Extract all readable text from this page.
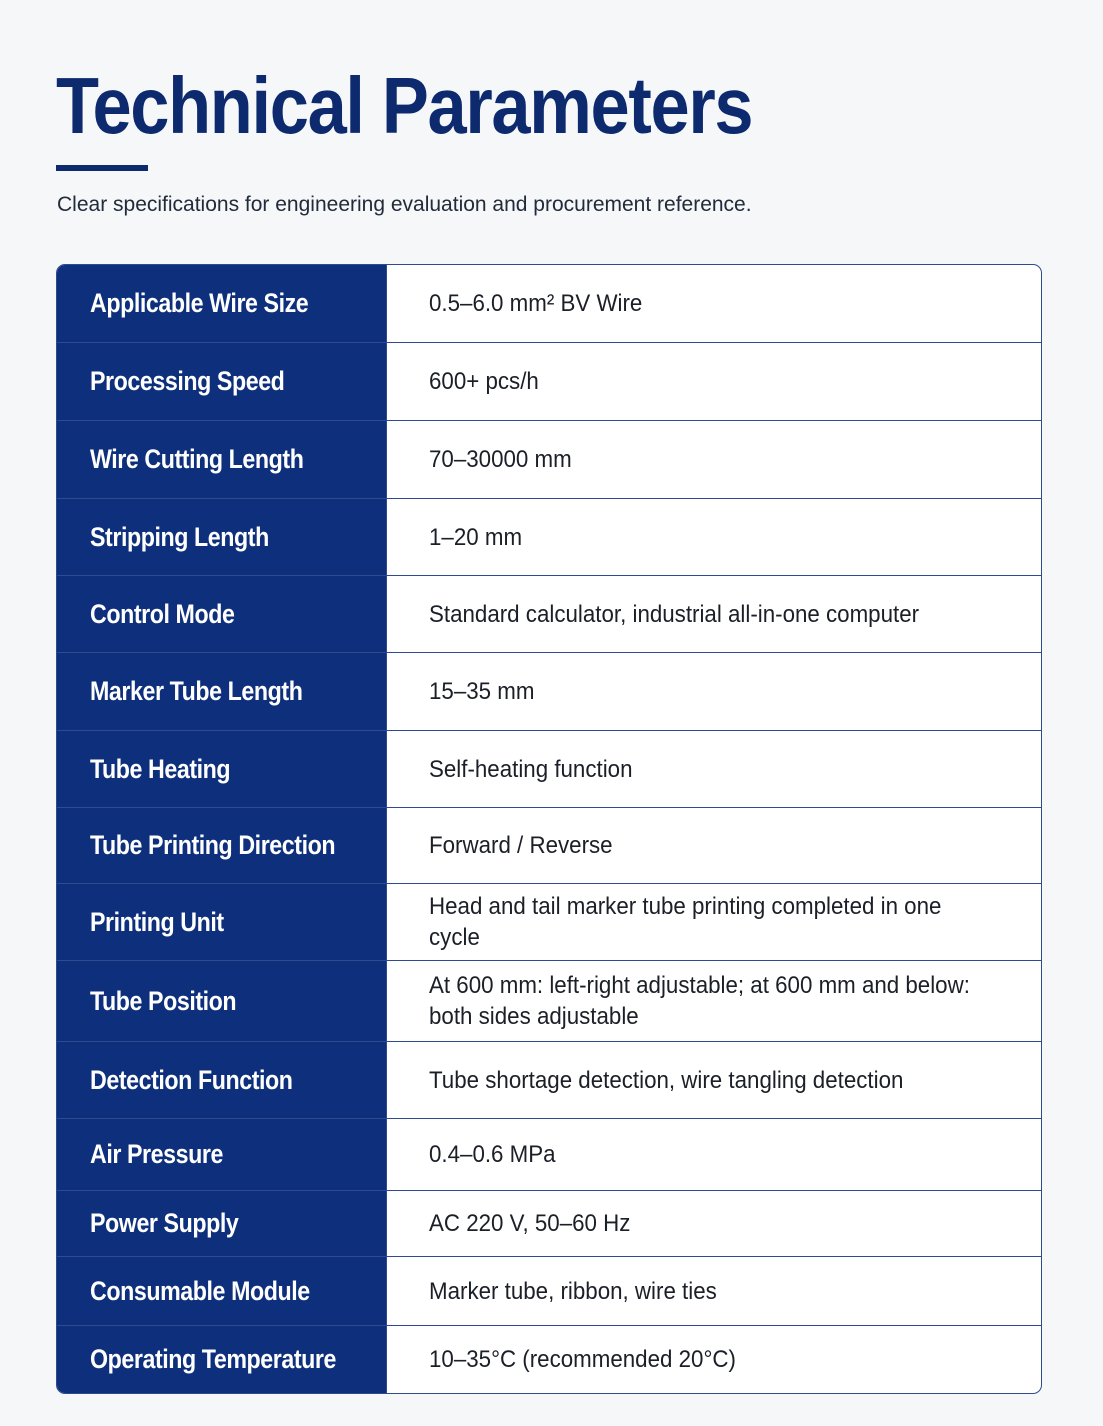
Technical Parameters
Clear specifications for engineering evaluation and procurement reference.
Applicable Wire Size	0.5–6.0 mm² BV Wire
Processing Speed	600+ pcs/h
Wire Cutting Length	70–30000 mm
Stripping Length	1–20 mm
Control Mode	Standard calculator, industrial all-in-one computer
Marker Tube Length	15–35 mm
Tube Heating	Self-heating function
Tube Printing Direction	Forward / Reverse
Printing Unit	Head and tail marker tube printing completed in one cycle
Tube Position	At 600 mm: left-right adjustable; at 600 mm and below: both sides adjustable
Detection Function	Tube shortage detection, wire tangling detection
Air Pressure	0.4–0.6 MPa
Power Supply	AC 220 V, 50–60 Hz
Consumable Module	Marker tube, ribbon, wire ties
Operating Temperature	10–35°C (recommended 20°C)
